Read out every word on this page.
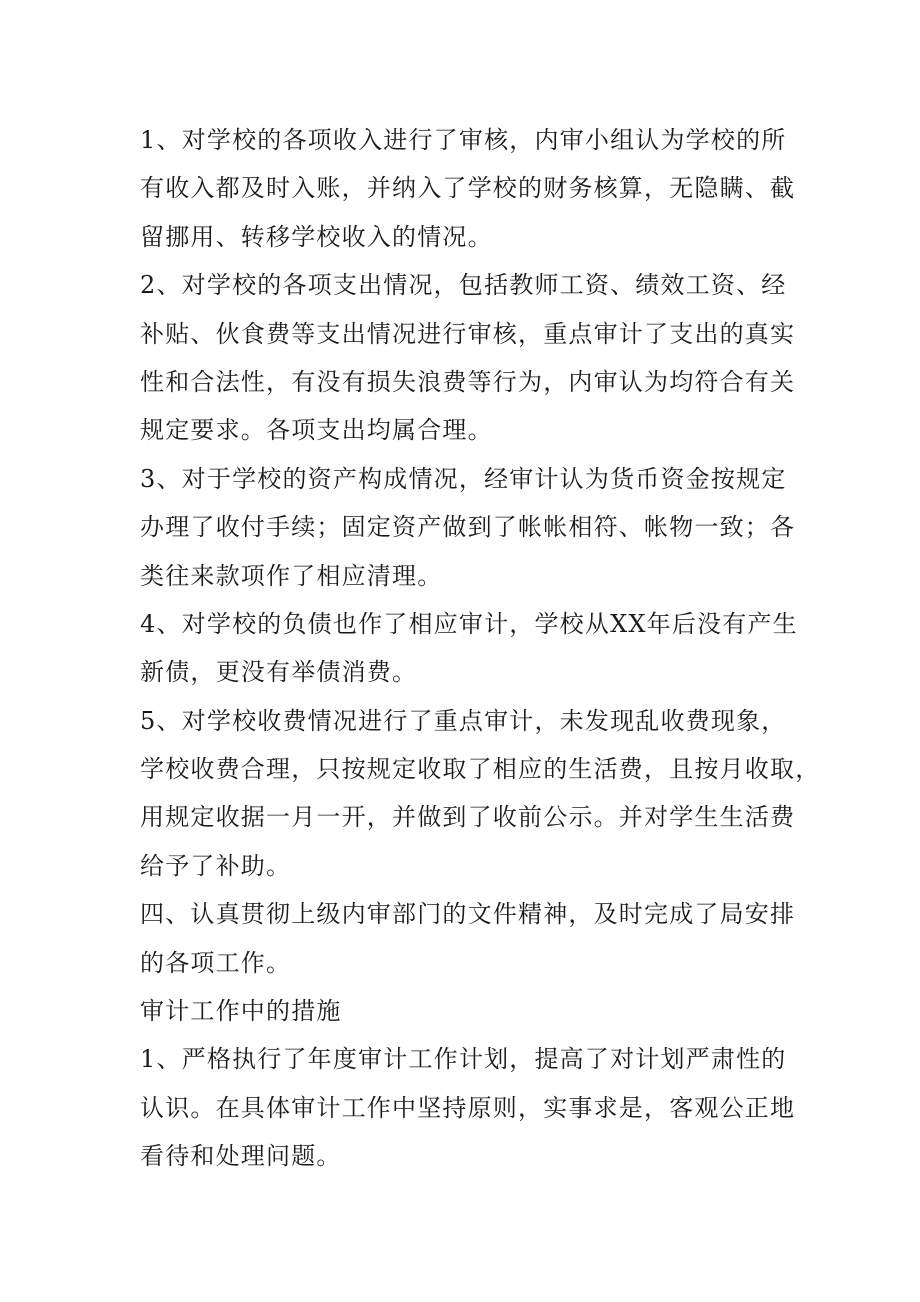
1、对学校的各项收入进行了审核，内审小组认为学校的所
有收入都及时入账，并纳入了学校的财务核算，无隐瞒、截
留挪用、转移学校收入的情况。
2、对学校的各项支出情况，包括教师工资、绩效工资、经
补贴、伙食费等支出情况进行审核，重点审计了支出的真实
性和合法性，有没有损失浪费等行为，内审认为均符合有关
规定要求。各项支出均属合理。
3、对于学校的资产构成情况，经审计认为货币资金按规定
办理了收付手续；固定资产做到了帐帐相符、帐物一致；各
类往来款项作了相应清理。
4、对学校的负债也作了相应审计，学校从XX年后没有产生
新债，更没有举债消费。
5、对学校收费情况进行了重点审计，未发现乱收费现象，
学校收费合理，只按规定收取了相应的生活费，且按月收取，
用规定收据一月一开，并做到了收前公示。并对学生生活费
给予了补助。
四、认真贯彻上级内审部门的文件精神，及时完成了局安排
的各项工作。
审计工作中的措施
1、严格执行了年度审计工作计划，提高了对计划严肃性的
认识。在具体审计工作中坚持原则，实事求是，客观公正地
看待和处理问题。
